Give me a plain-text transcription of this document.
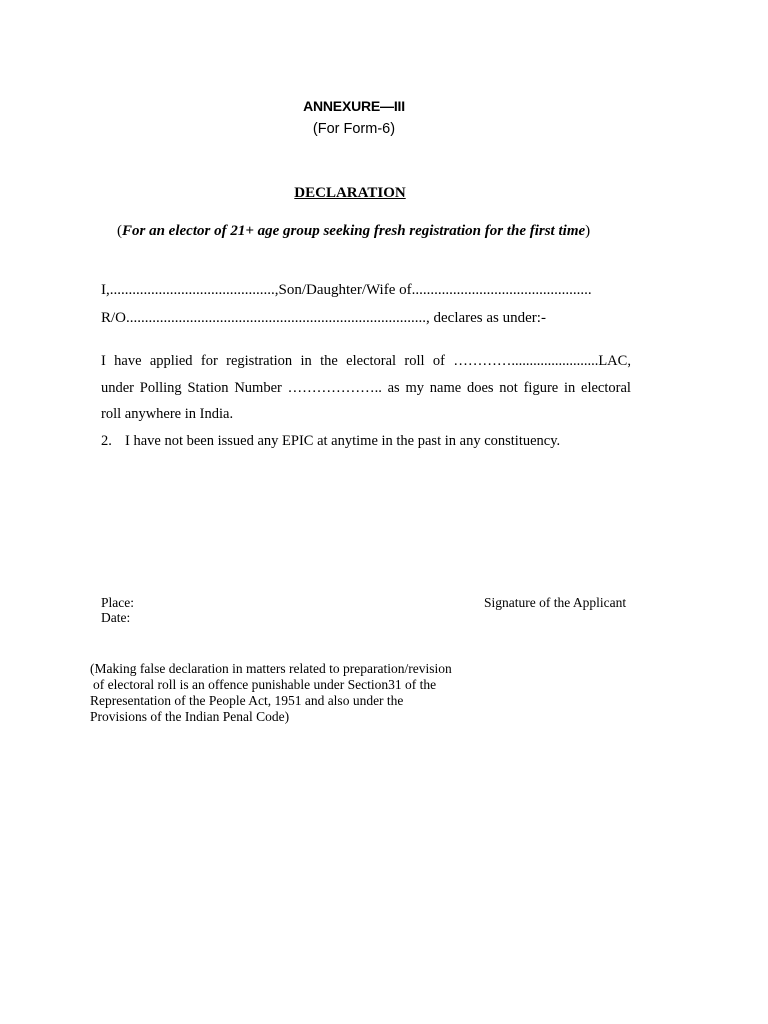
ANNEXURE—III
(For Form-6)
DECLARATION
(For an elector of 21+ age group seeking fresh registration for the first time)
I,............................................,Son/Daughter/Wife of................................................
R/O................................................................................, declares as under:-
I have applied for registration in the electoral roll of …………........................LAC,
under Polling Station Number ……………….. as my name does not figure in electoral
roll anywhere in India.
2. I have not been issued any EPIC at anytime in the past in any constituency.
Place:
Date:
Signature of the Applicant
(Making false declaration in matters related to preparation/revision
of electoral roll is an offence punishable under Section31 of the
Representation of the People Act, 1951 and also under the
Provisions of the Indian Penal Code)
